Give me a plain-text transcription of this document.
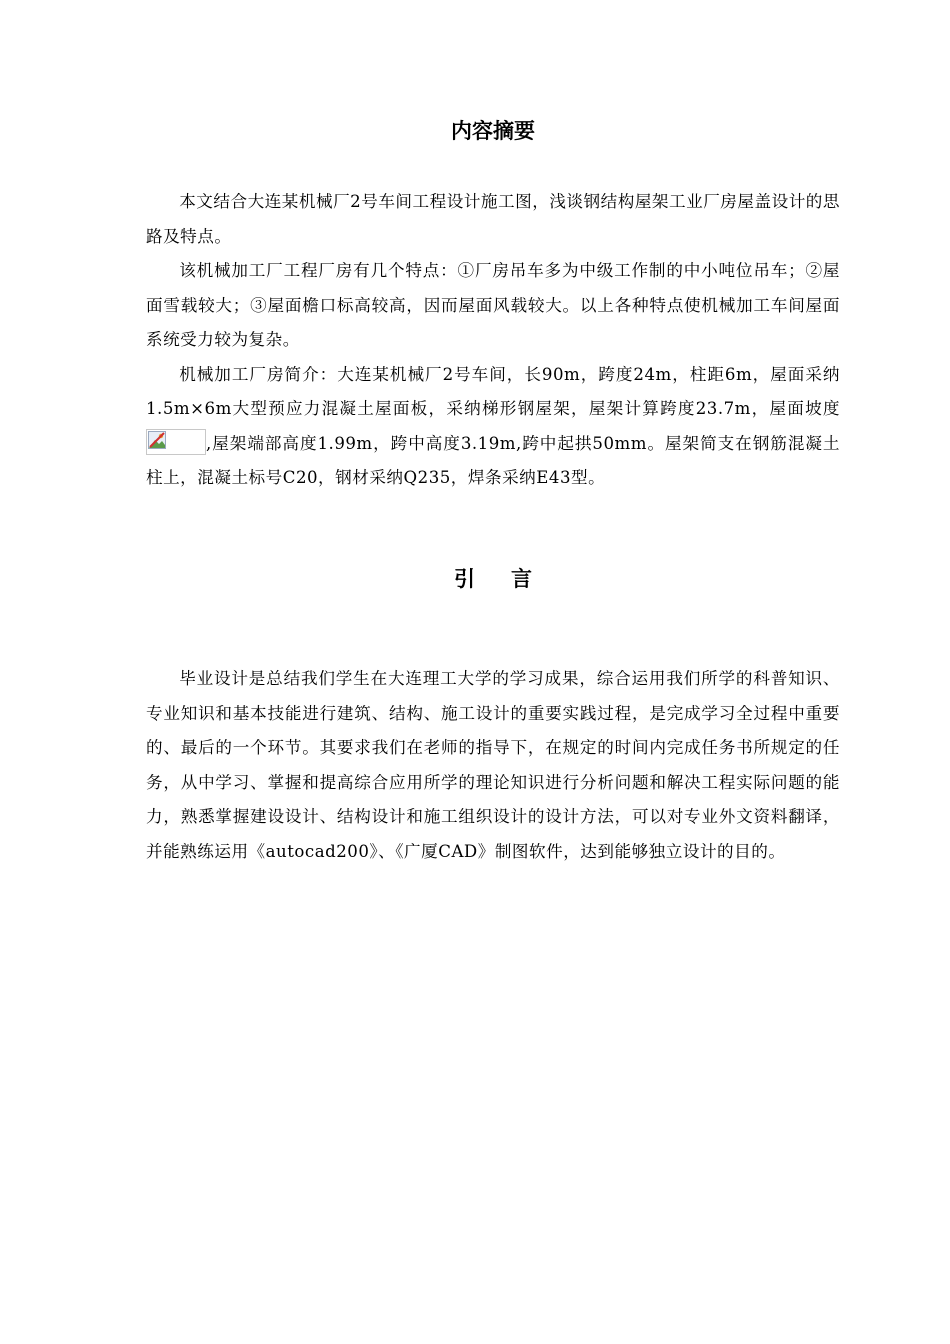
内容摘要

本文结合大连某机械厂2号车间工程设计施工图，浅谈钢结构屋架工业厂房屋盖设计的思路及特点。

该机械加工厂工程厂房有几个特点：①厂房吊车多为中级工作制的中小吨位吊车；②屋面雪载较大；③屋面檐口标高较高，因而屋面风载较大。以上各种特点使机械加工车间屋面系统受力较为复杂。

机械加工厂房简介：大连某机械厂2号车间，长90m，跨度24m，柱距6m，屋面采纳1.5m×6m大型预应力混凝土屋面板，采纳梯形钢屋架，屋架计算跨度23.7m，屋面坡度
,屋架端部高度1.99m，跨中高度3.19m,跨中起拱50mm。屋架简支在钢筋混凝土柱上，混凝土标号C20，钢材采纳Q235，焊条采纳E43型。

引 言

毕业设计是总结我们学生在大连理工大学的学习成果，综合运用我们所学的科普知识、专业知识和基本技能进行建筑、结构、施工设计的重要实践过程，是完成学习全过程中重要的、最后的一个环节。其要求我们在老师的指导下，在规定的时间内完成任务书所规定的任务，从中学习、掌握和提高综合应用所学的理论知识进行分析问题和解决工程实际问题的能力，熟悉掌握建设设计、结构设计和施工组织设计的设计方法，可以对专业外文资料翻译，并能熟练运用《autocad200》、《广厦CAD》制图软件，达到能够独立设计的目的。
